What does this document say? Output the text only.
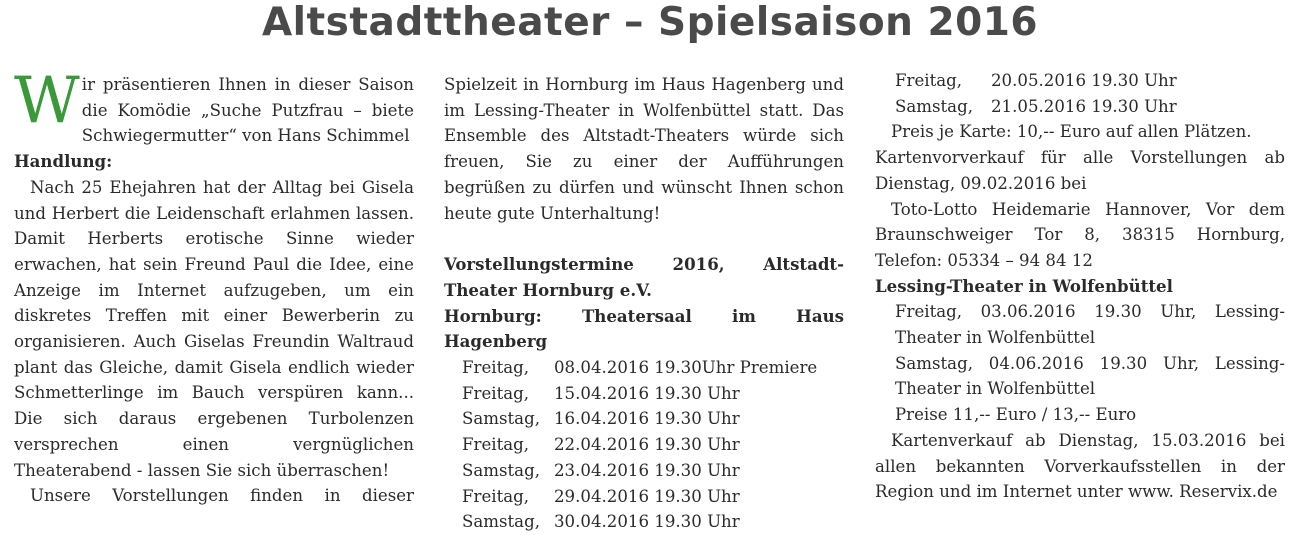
Altstadttheater – Spielsaison 2016

Wir präsentieren Ihnen in dieser Saison die Komödie „Suche Putzfrau – biete Schwiegermutter“ von Hans Schimmel

Handlung:

Nach 25 Ehejahren hat der Alltag bei Gisela und Herbert die Leidenschaft erlahmen lassen. Damit Herberts erotische Sinne wieder erwachen, hat sein Freund Paul die Idee, eine Anzeige im Internet aufzugeben, um ein diskretes Treffen mit einer Bewerberin zu organisieren. Auch Giselas Freundin Waltraud plant das Gleiche, damit Gisela endlich wieder Schmetterlinge im Bauch verspüren kann... Die sich daraus ergebenen Turbolenzen versprechen einen vergnüglichen Theaterabend - lassen Sie sich überraschen!

Unsere Vorstellungen finden in dieser

Spielzeit in Hornburg im Haus Hagenberg und im Lessing-Theater in Wolfenbüttel statt. Das Ensemble des Altstadt-Theaters würde sich freuen, Sie zu einer der Aufführungen begrüßen zu dürfen und wünscht Ihnen schon heute gute Unterhaltung!

Vorstellungstermine 2016, Altstadt-Theater Hornburg e.V.

Hornburg: Theatersaal im Haus Hagenberg

Freitag,	08.04.2016 19.30Uhr Premiere
Freitag,	15.04.2016 19.30 Uhr
Samstag, 16.04.2016 19.30 Uhr
Freitag,	22.04.2016 19.30 Uhr
Samstag, 23.04.2016 19.30 Uhr
Freitag,	29.04.2016 19.30 Uhr
Samstag, 30.04.2016 19.30 Uhr
Freitag,	20.05.2016 19.30 Uhr
Samstag,	21.05.2016 19.30 Uhr

Preis je Karte: 10,-- Euro auf allen Plätzen.

Kartenvorverkauf für alle Vorstellungen ab Dienstag, 09.02.2016 bei

Toto-Lotto Heidemarie Hannover, Vor dem Braunschweiger Tor 8, 38315 Hornburg, Telefon: 05334 – 94 84 12

Lessing-Theater in Wolfenbüttel

Freitag, 03.06.2016 19.30 Uhr, Lessing-Theater in Wolfenbüttel

Samstag, 04.06.2016 19.30 Uhr, Lessing-Theater in Wolfenbüttel

Preise 11,-- Euro / 13,-- Euro

Kartenverkauf ab Dienstag, 15.03.2016 bei allen bekannten Vorverkaufsstellen in der Region und im Internet unter www. Reservix.de
